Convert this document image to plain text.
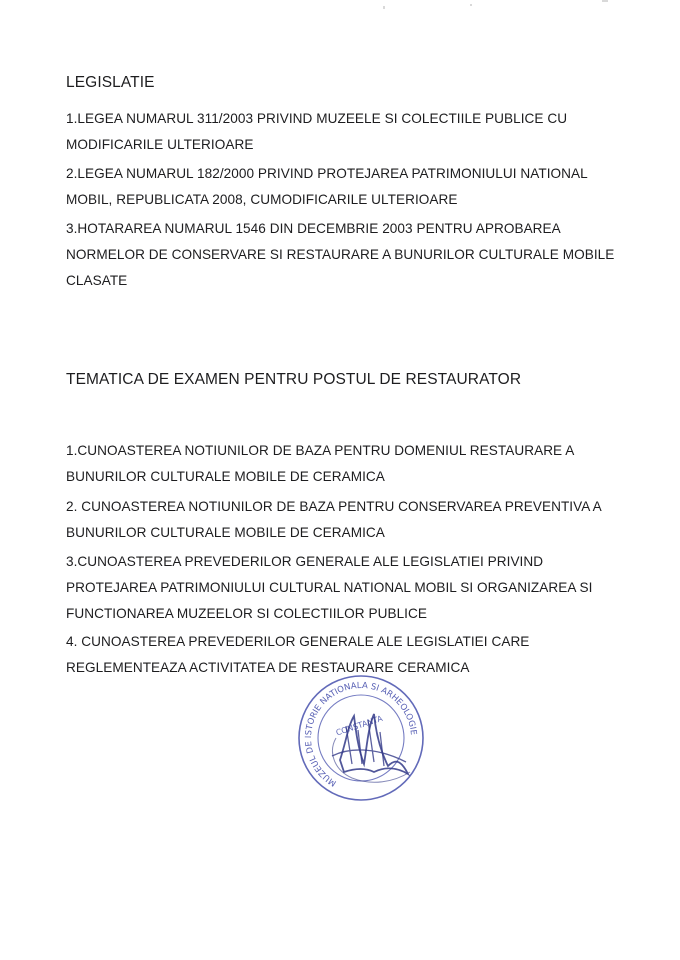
LEGISLATIE
1.LEGEA NUMARUL 311/2003 PRIVIND MUZEELE SI COLECTIILE PUBLICE CU
MODIFICARILE ULTERIOARE
2.LEGEA NUMARUL 182/2000 PRIVIND PROTEJAREA PATRIMONIULUI NATIONAL
MOBIL, REPUBLICATA 2008, CUMODIFICARILE ULTERIOARE
3.HOTARAREA NUMARUL 1546 DIN DECEMBRIE 2003 PENTRU APROBAREA
NORMELOR DE CONSERVARE SI RESTAURARE A BUNURILOR CULTURALE MOBILE
CLASATE
TEMATICA DE EXAMEN PENTRU POSTUL DE RESTAURATOR
1.CUNOASTEREA NOTIUNILOR DE BAZA PENTRU DOMENIUL RESTAURARE A
BUNURILOR CULTURALE MOBILE DE CERAMICA
2. CUNOASTEREA NOTIUNILOR DE BAZA PENTRU CONSERVAREA PREVENTIVA A
BUNURILOR CULTURALE MOBILE DE CERAMICA
3.CUNOASTEREA PREVEDERILOR GENERALE ALE LEGISLATIEI PRIVIND
PROTEJAREA PATRIMONIULUI CULTURAL NATIONAL MOBIL SI ORGANIZAREA SI
FUNCTIONAREA MUZEELOR SI COLECTIILOR PUBLICE
4. CUNOASTEREA PREVEDERILOR GENERALE ALE LEGISLATIEI CARE
REGLEMENTEAZA ACTIVITATEA DE RESTAURARE CERAMICA
MUZEUL DE ISTORIE NATIONALA SI ARHEOLOGIE
CONSTANTA
